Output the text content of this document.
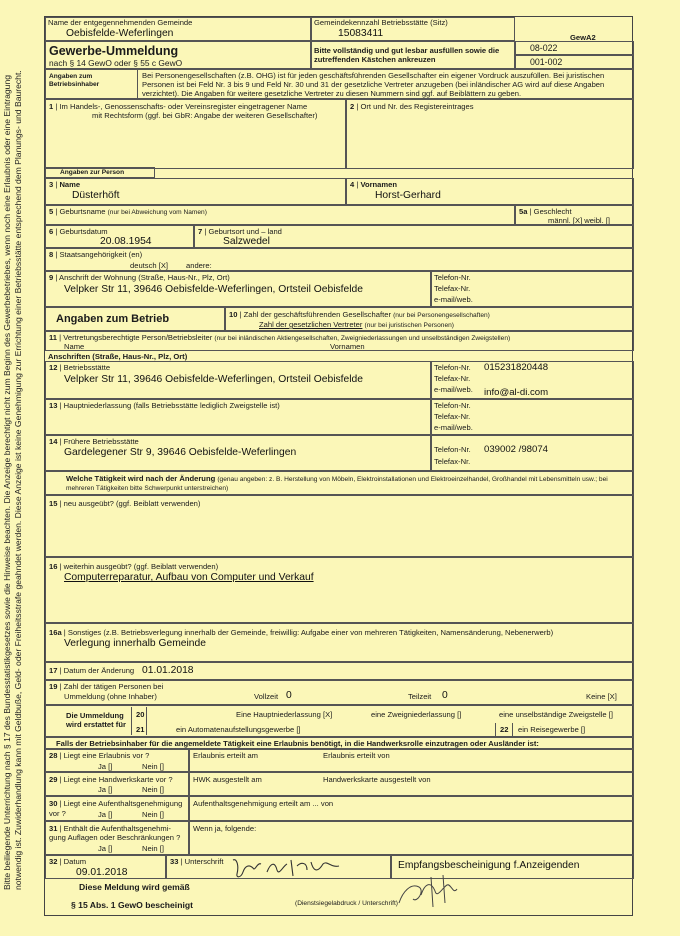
Bitte beiliegende Unterrichtung nach § 17 des Bundesstatistikgesetzes sowie die Hinweise beachten. Die Anzeige berechtigt nicht zum Beginn des Gewerbebetriebes, wenn noch eine Erlaubnis oder eine Eintragung
notwendig ist. Zuwiderhandlung kann mit Geldbuße, Geld- oder Freiheitsstrafe geahndet werden. Diese Anzeige ist keine Genehmigung zur Errichtung einer Betriebsstätte entsprechend dem Planungs- und Baurecht.
Name der entgegennehmenden Gemeinde
Oebisfelde-Weferlingen
Gemeindekennzahl Betriebsstätte (Sitz)
15083411	GewA2
Gewerbe-Ummeldung
nach § 14 GewO oder § 55 c GewO
Bitte vollständig und gut lesbar ausfüllen sowie die zutreffenden Kästchen ankreuzen
08-022
001-002
Angaben zum Betriebsinhaber
Bei Personengesellschaften (z.B. OHG) ist für jeden geschäftsführenden Gesellschafter ein eigener Vordruck auszufüllen. Bei juristischen
Personen ist bei Feld Nr. 3 bis 9 und Feld Nr. 30 und 31 der gesetzliche Vertreter anzugeben (bei inländischer AG wird auf diese Angaben
verzichtet). Die Angaben für weitere gesetzliche Vertreter zu diesen Nummern sind ggf. auf Beiblättern zu geben.
1 | Im Handels-, Genossenschafts- oder Vereinsregister eingetragener Name
mit Rechtsform (ggf. bei GbR: Angabe der weiteren Gesellschafter)
2 | Ort und Nr. des Registereintrages
Angaben zur Person
3 | Name
Düsterhöft
4 | Vornamen
Horst-Gerhard
5 | Geburtsname (nur bei Abweichung vom Namen)	5a | Geschlecht
männl. [X] weibl. []
6 | Geburtsdatum
20.08.1954
7 | Geburtsort und – land
Salzwedel
8 | Staatsangehörigkeit (en)
deutsch [X] andere:
9 | Anschrift der Wohnung (Straße, Haus-Nr., Plz, Ort)
Velpker Str 11, 39646 Oebisfelde-Weferlingen, Ortsteil Oebisfelde
Telefon-Nr.
Telefax-Nr.
e-mail/web.
Angaben zum Betrieb	10 | Zahl der geschäftsführenden Gesellschafter (nur bei Personengesellschaften)
Zahl der gesetzlichen Vertreter (nur bei juristischen Personen)
11 | Vertretungsberechtigte Person/Betriebsleiter (nur bei inländischen Aktiengesellschaften, Zweigniederlassungen und unselbständigen Zweigstellen)
Name	Vornamen
Anschriften (Straße, Haus-Nr., Plz, Ort)
12 | Betriebsstätte
Velpker Str 11, 39646 Oebisfelde-Weferlingen, Ortsteil Oebisfelde
Telefon-Nr. 015231820448
Telefax-Nr.
e-mail/web. info@al-di.com
13 | Hauptniederlassung (falls Betriebsstätte lediglich Zweigstelle ist)	Telefon-Nr.
Telefax-Nr.
e-mail/web.
14 | Frühere Betriebsstätte
Gardelegener Str 9, 39646 Oebisfelde-Weferlingen	Telefon-Nr. 039002 /98074
Telefax-Nr.
Welche Tätigkeit wird nach der Änderung (genau angeben: z. B. Herstellung von Möbeln, Elektroinstallationen und Elektroeinzelhandel, Großhandel mit Lebensmitteln usw.; bei
mehreren Tätigkeiten bitte Schwerpunkt unterstreichen)
15 | neu ausgeübt? (ggf. Beiblatt verwenden)
16 | weiterhin ausgeübt? (ggf. Beiblatt verwenden)
Computerreparatur, Aufbau von Computer und Verkauf
16a | Sonstiges (z.B. Betriebsverlegung innerhalb der Gemeinde, freiwillig: Aufgabe einer von mehreren Tätigkeiten, Namensänderung, Nebenerwerb)
Verlegung innerhalb Gemeinde
17 | Datum der Änderung 01.01.2018
19 | Zahl der tätigen Personen bei
Ummeldung (ohne Inhaber)	Vollzeit 0	Teilzeit 0	Keine [X]
Die Ummeldung
wird erstattet für
20	Eine Hauptniederlassung [X]	eine Zweigniederlassung []	eine unselbständige Zweigstelle []
21	ein Automatenaufstellungsgewerbe []	22 ein Reisegewerbe []
Falls der Betriebsinhaber für die angemeldete Tätigkeit eine Erlaubnis benötigt, in die Handwerksrolle einzutragen oder Ausländer ist:
28 | Liegt eine Erlaubnis vor ?
Ja []	Nein []
Erlaubnis erteilt am	Erlaubnis erteilt von
29 | Liegt eine Handwerkskarte vor ?
Ja []	Nein []
HWK ausgestellt am	Handwerkskarte ausgestellt von
30 | Liegt eine Aufenthaltsgenehmigung
vor ?	Ja []	Nein []
Aufenthaltsgenehmigung erteilt am ... von
31 | Enthält die Aufenthaltsgenehmi-
gung Auflagen oder Beschränkungen ?
Ja []	Nein []
Wenn ja, folgende:
32 | Datum
09.01.2018
33 | Unterschrift	Empfangsbescheinigung f.Anzeigenden
Diese Meldung wird gemäß
§ 15 Abs. 1 GewO bescheinigt	(Dienstsiegelabdruck / Unterschrift)
